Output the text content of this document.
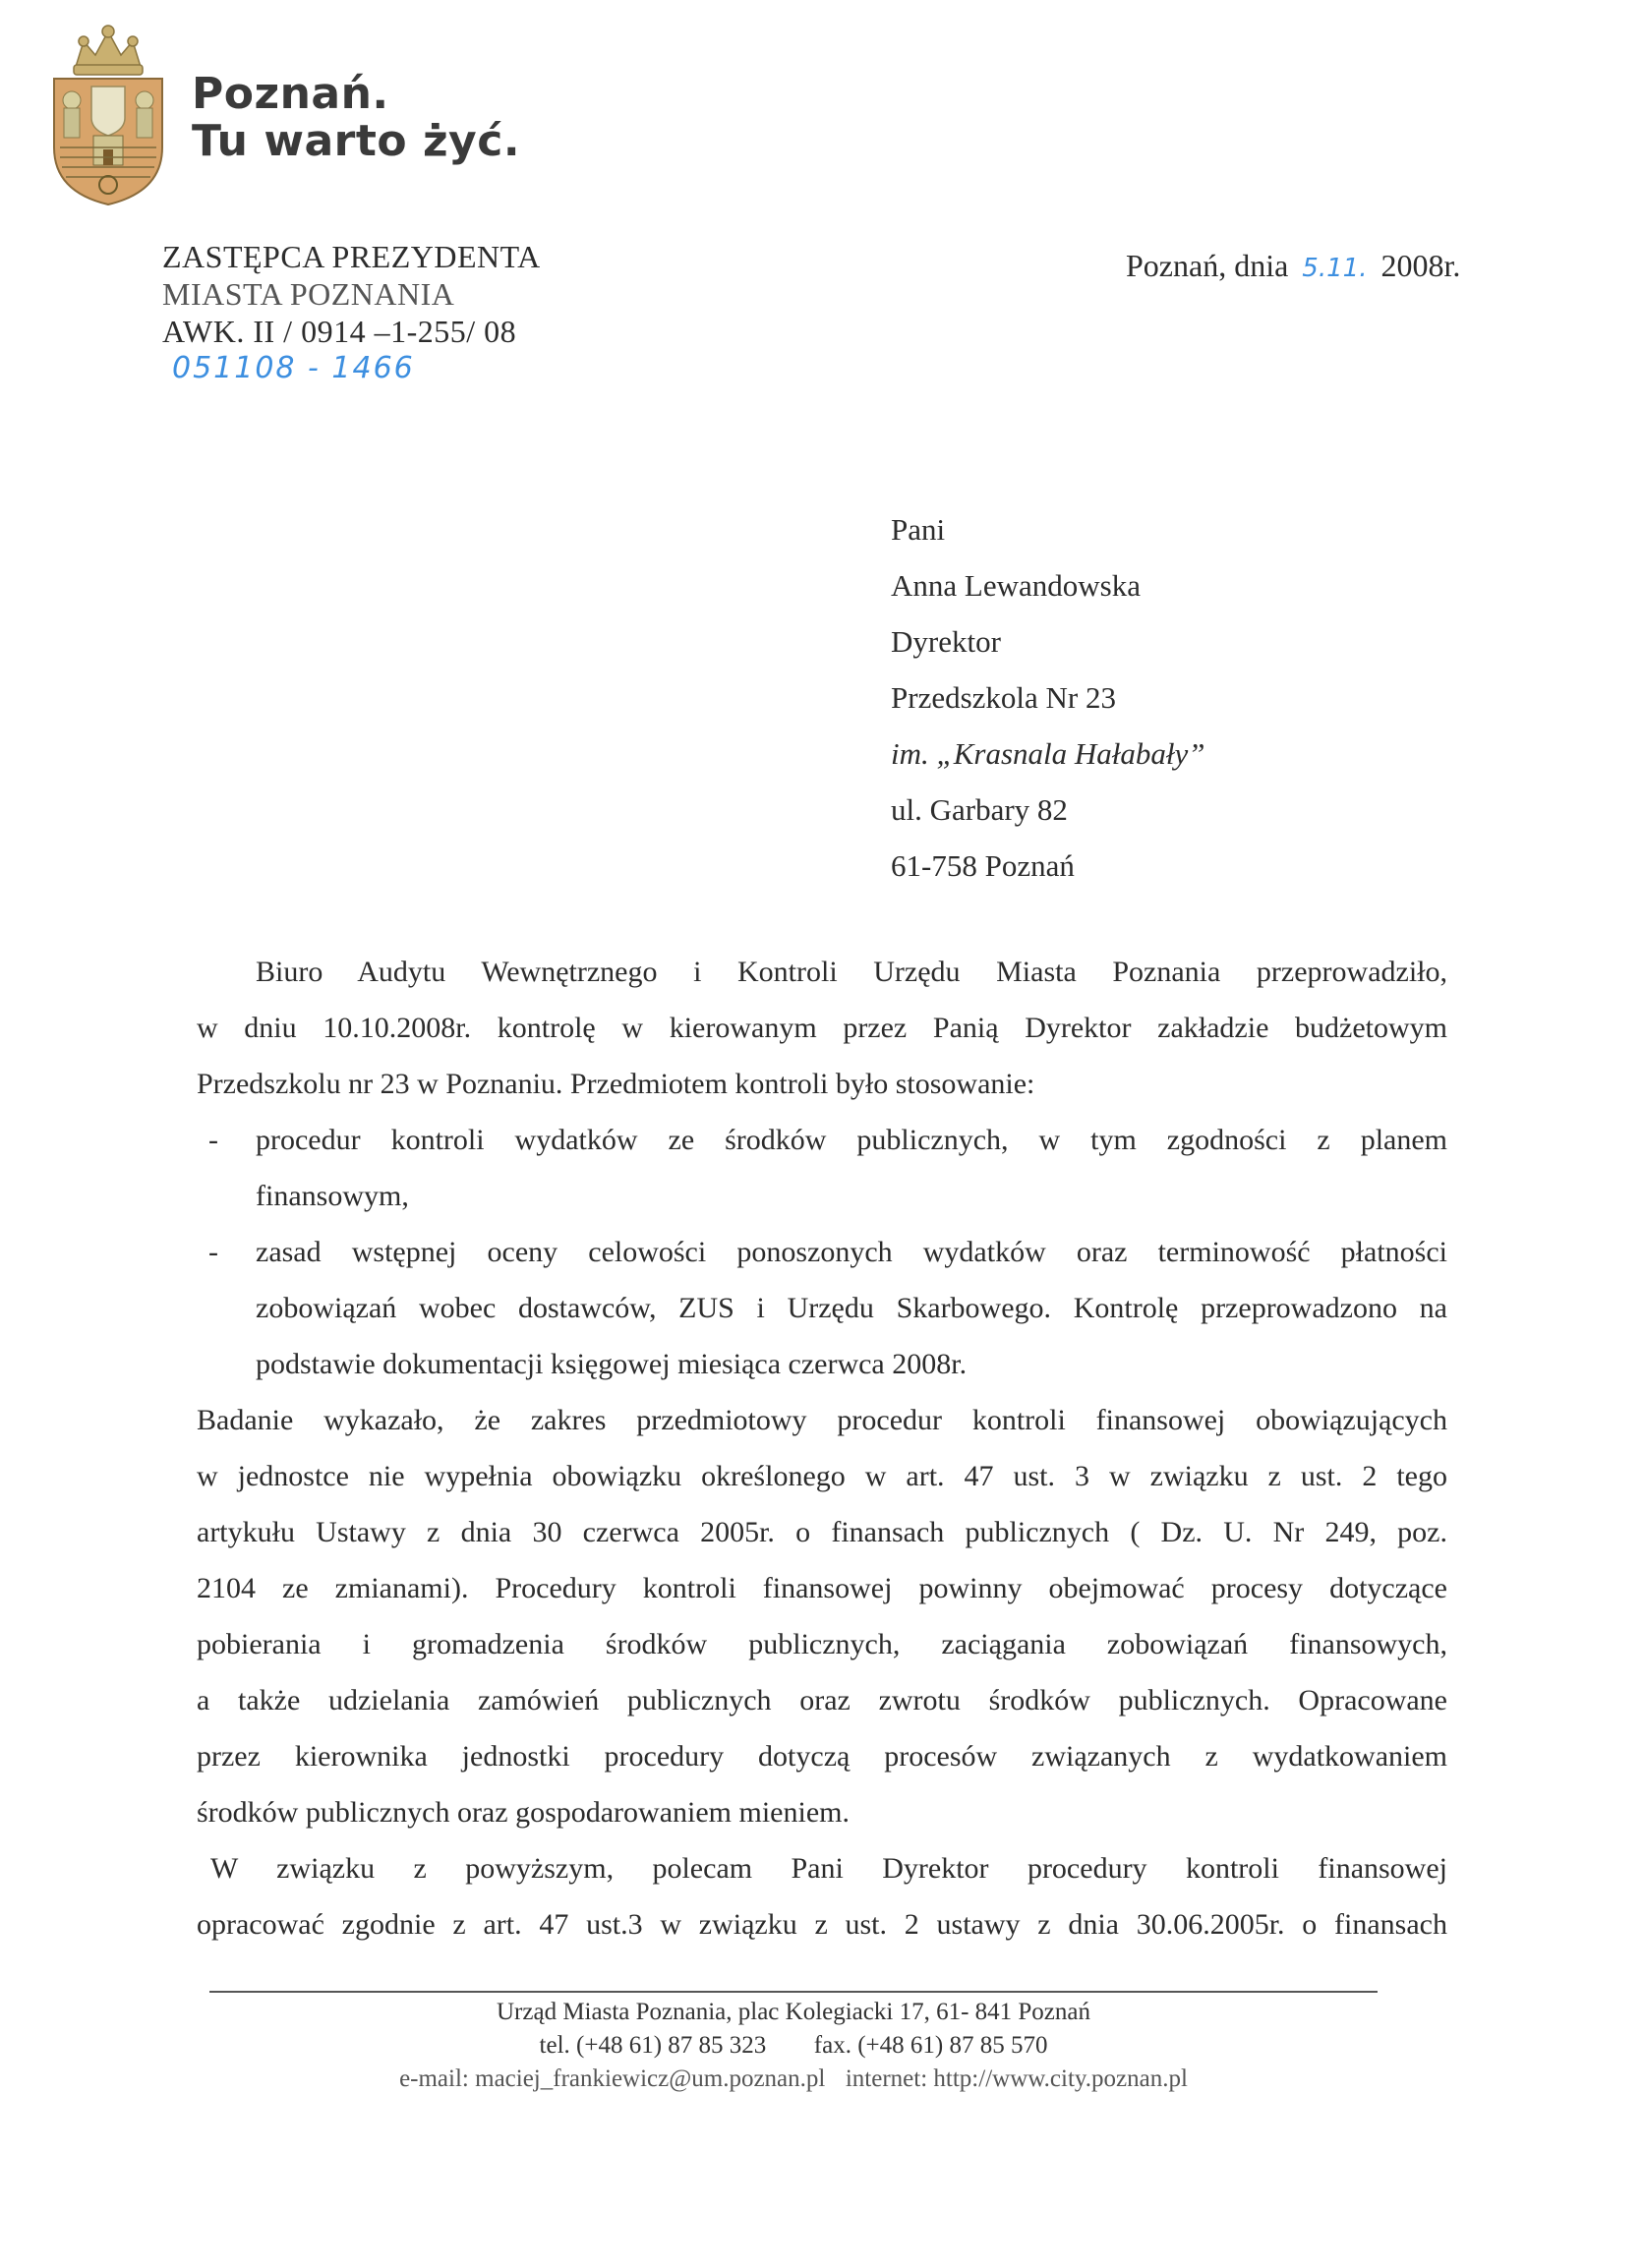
Poznań.
Tu warto żyć.
ZASTĘPCA PREZYDENTA
MIASTA POZNANIA
AWK. II / 0914 –1-255/ 08
051108 - 1466
Poznań, dnia 5.11. 2008r.
Pani
Anna Lewandowska
Dyrektor
Przedszkola Nr 23
im. „Krasnala Hałabały”
ul. Garbary 82
61-758 Poznań
Biuro Audytu Wewnętrznego i Kontroli Urzędu Miasta Poznania przeprowadziło,
w dniu 10.10.2008r. kontrolę w kierowanym przez Panią Dyrektor zakładzie budżetowym
Przedszkolu nr 23 w Poznaniu. Przedmiotem kontroli było stosowanie:
- procedur kontroli wydatków ze środków publicznych, w tym zgodności z planem
finansowym,
- zasad wstępnej oceny celowości ponoszonych wydatków oraz terminowość płatności
zobowiązań wobec dostawców, ZUS i Urzędu Skarbowego. Kontrolę przeprowadzono na
podstawie dokumentacji księgowej miesiąca czerwca 2008r.
Badanie wykazało, że zakres przedmiotowy procedur kontroli finansowej obowiązujących
w jednostce nie wypełnia obowiązku określonego w art. 47 ust. 3 w związku z ust. 2 tego
artykułu Ustawy z dnia 30 czerwca 2005r. o finansach publicznych ( Dz. U. Nr 249, poz.
2104 ze zmianami). Procedury kontroli finansowej powinny obejmować procesy dotyczące
pobierania i gromadzenia środków publicznych, zaciągania zobowiązań finansowych,
a także udzielania zamówień publicznych oraz zwrotu środków publicznych. Opracowane
przez kierownika jednostki procedury dotyczą procesów związanych z wydatkowaniem
środków publicznych oraz gospodarowaniem mieniem.
W związku z powyższym, polecam Pani Dyrektor procedury kontroli finansowej
opracować zgodnie z art. 47 ust.3 w związku z ust. 2 ustawy z dnia 30.06.2005r. o finansach
Urząd Miasta Poznania, plac Kolegiacki 17, 61- 841 Poznań
tel. (+48 61) 87 85 323 fax. (+48 61) 87 85 570
e-mail: maciej_frankiewicz@um.poznan.pl internet: http://www.city.poznan.pl
